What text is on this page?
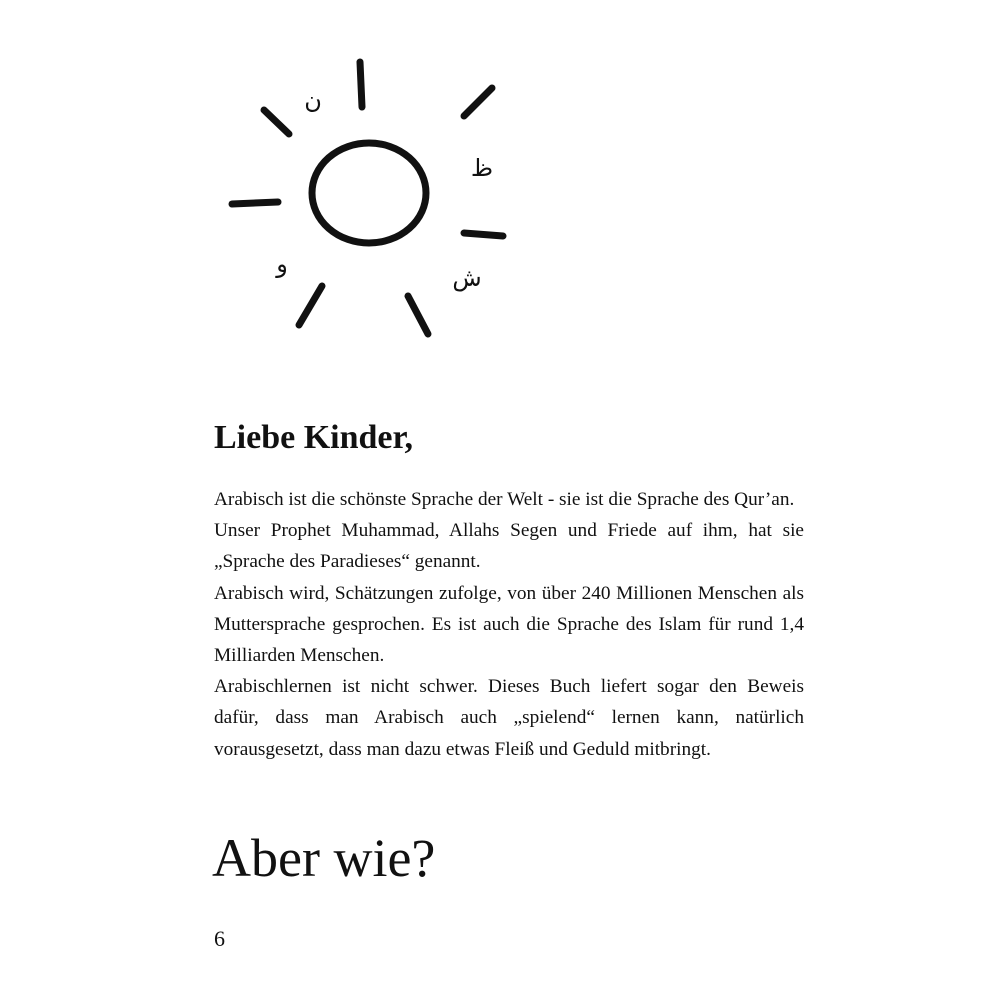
ن
ظ
ش
و
Liebe Kinder,

Arabisch ist die schönste Sprache der Welt - sie ist die Sprache des Qur’an.

Unser Prophet Muhammad, Allahs Segen und Friede auf ihm, hat sie „Sprache des Paradieses“ genannt.

Arabisch wird, Schätzungen zufolge, von über 240 Millionen Menschen als Muttersprache gesprochen. Es ist auch die Sprache des Islam für rund 1,4 Milliarden Menschen.

Arabischlernen ist nicht schwer. Dieses Buch liefert sogar den Beweis dafür, dass man Arabisch auch „spielend“ lernen kann, natürlich vorausgesetzt, dass man dazu etwas Fleiß und Geduld mitbringt.

Aber wie?
6
